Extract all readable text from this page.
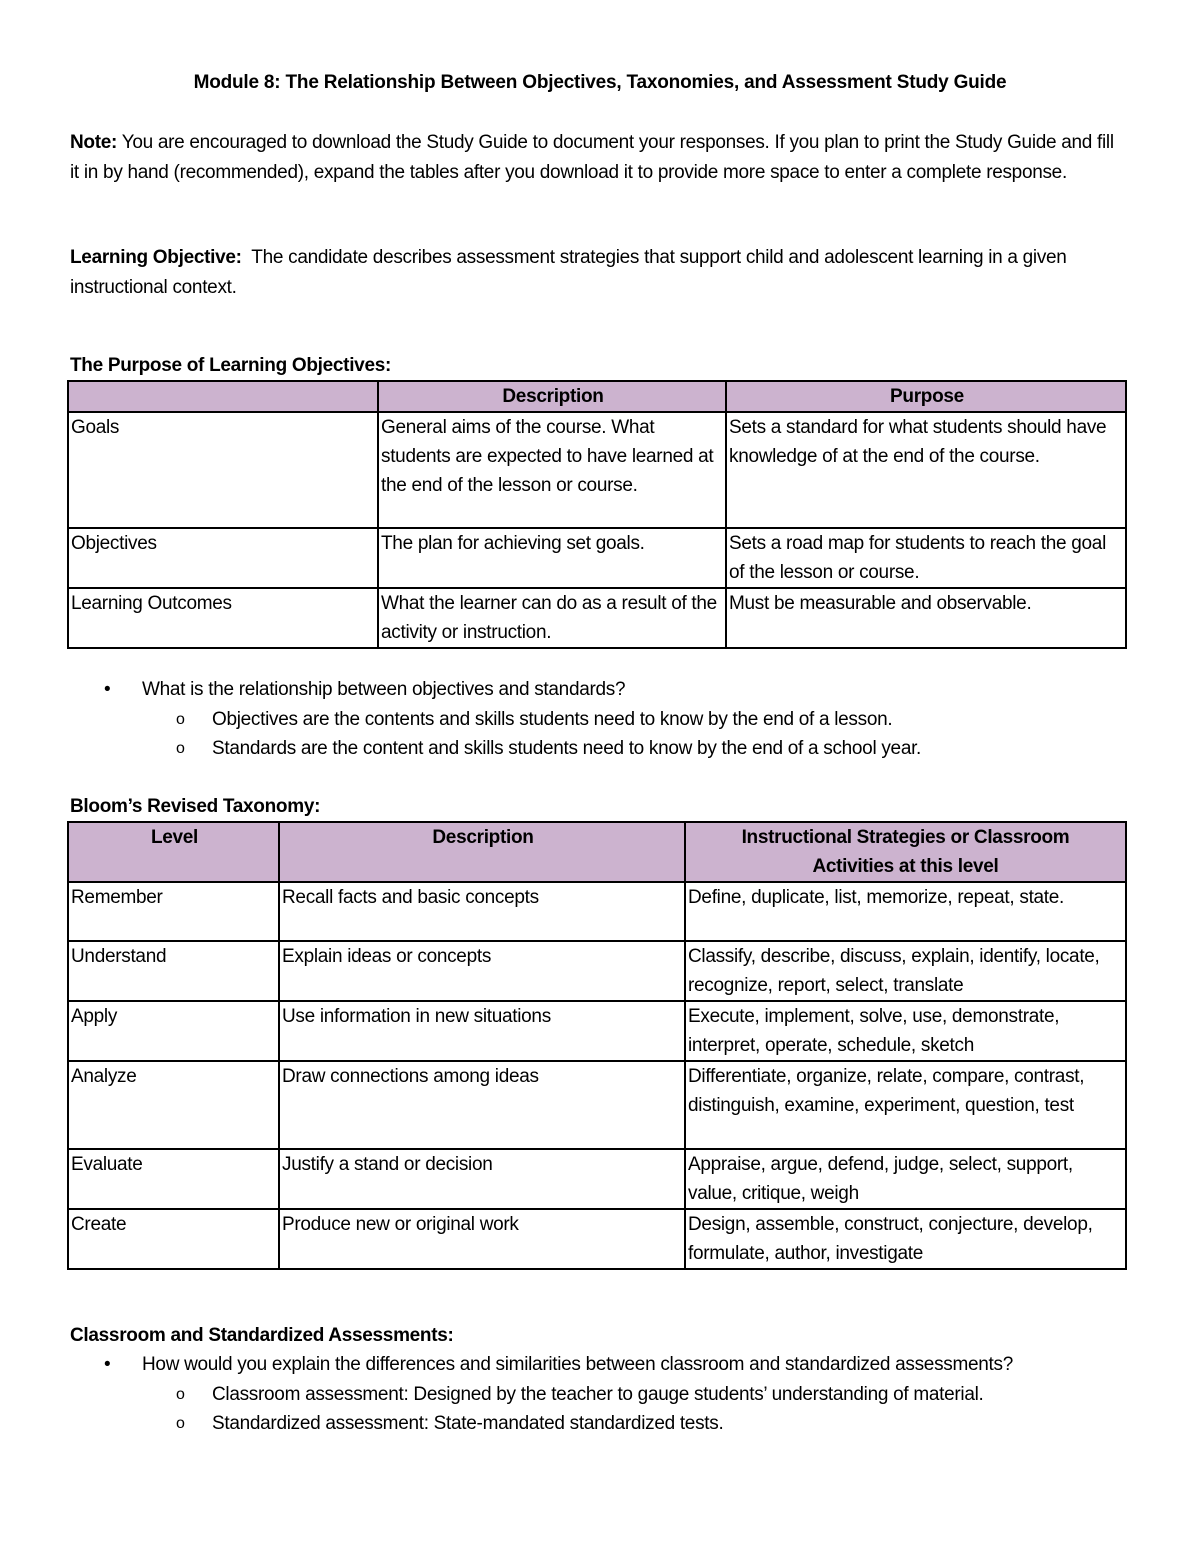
Module 8: The Relationship Between Objectives, Taxonomies, and Assessment Study Guide
Note: You are encouraged to download the Study Guide to document your responses. If you plan to print the Study Guide and fill it in by hand (recommended), expand the tables after you download it to provide more space to enter a complete response.
Learning Objective:  The candidate describes assessment strategies that support child and adolescent learning in a given instructional context.
The Purpose of Learning Objectives:
	Description	Purpose
Goals	General aims of the course. What students are expected to have learned at the end of the lesson or course.	Sets a standard for what students should have knowledge of at the end of the course.
Objectives	The plan for achieving set goals.	Sets a road map for students to reach the goal of the lesson or course.
Learning Outcomes	What the learner can do as a result of the activity or instruction.	Must be measurable and observable.
• What is the relationship between objectives and standards?
o Objectives are the contents and skills students need to know by the end of a lesson.
o Standards are the content and skills students need to know by the end of a school year.
Bloom’s Revised Taxonomy:
Level	Description	Instructional Strategies or Classroom Activities at this level
Remember	Recall facts and basic concepts	Define, duplicate, list, memorize, repeat, state.
Understand	Explain ideas or concepts	Classify, describe, discuss, explain, identify, locate, recognize, report, select, translate
Apply	Use information in new situations	Execute, implement, solve, use, demonstrate, interpret, operate, schedule, sketch
Analyze	Draw connections among ideas	Differentiate, organize, relate, compare, contrast, distinguish, examine, experiment, question, test
Evaluate	Justify a stand or decision	Appraise, argue, defend, judge, select, support, value, critique, weigh
Create	Produce new or original work	Design, assemble, construct, conjecture, develop, formulate, author, investigate
Classroom and Standardized Assessments:
• How would you explain the differences and similarities between classroom and standardized assessments?
o Classroom assessment: Designed by the teacher to gauge students’ understanding of material.
o Standardized assessment: State-mandated standardized tests.
